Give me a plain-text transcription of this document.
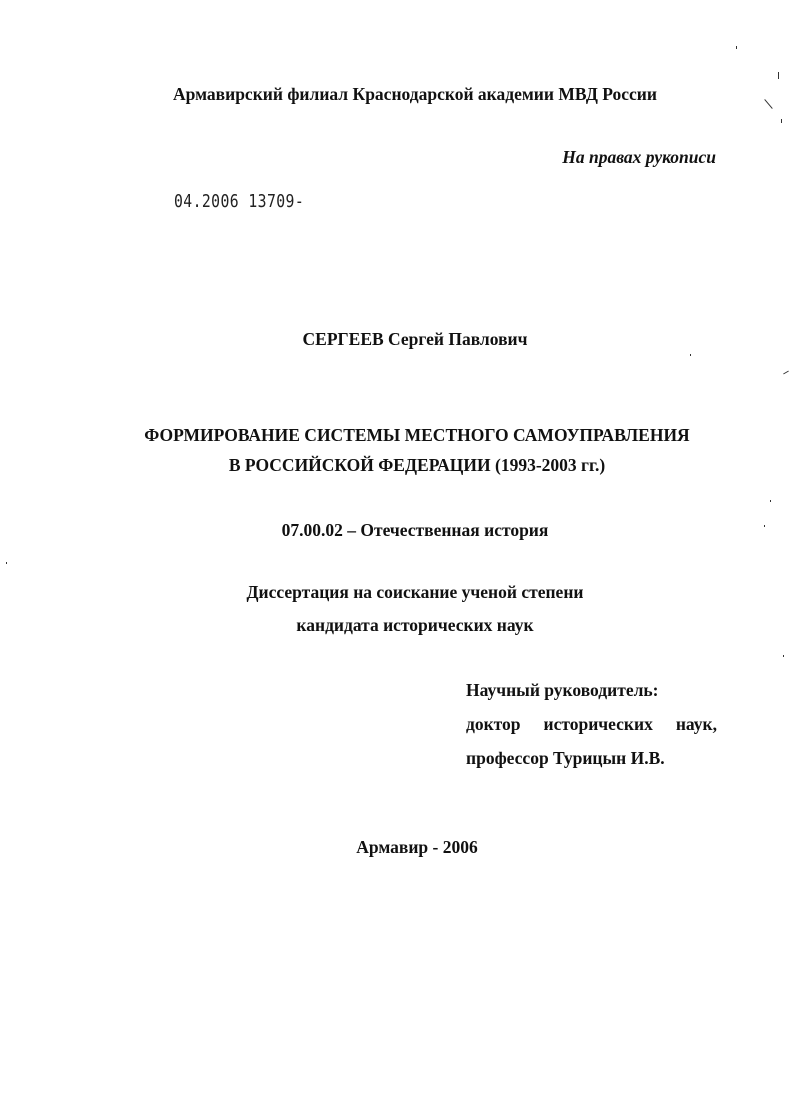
Армавирский филиал Краснодарской академии МВД России
На правах рукописи
04.2006 13709-
СЕРГЕЕВ Сергей Павлович
ФОРМИРОВАНИЕ СИСТЕМЫ МЕСТНОГО САМОУПРАВЛЕНИЯ
В РОССИЙСКОЙ ФЕДЕРАЦИИ (1993-2003 гг.)
07.00.02 – Отечественная история
Диссертация на соискание ученой степени
кандидата исторических наук
Научный руководитель:
доктор исторических наук,
профессор Турицын И.В.
Армавир - 2006
